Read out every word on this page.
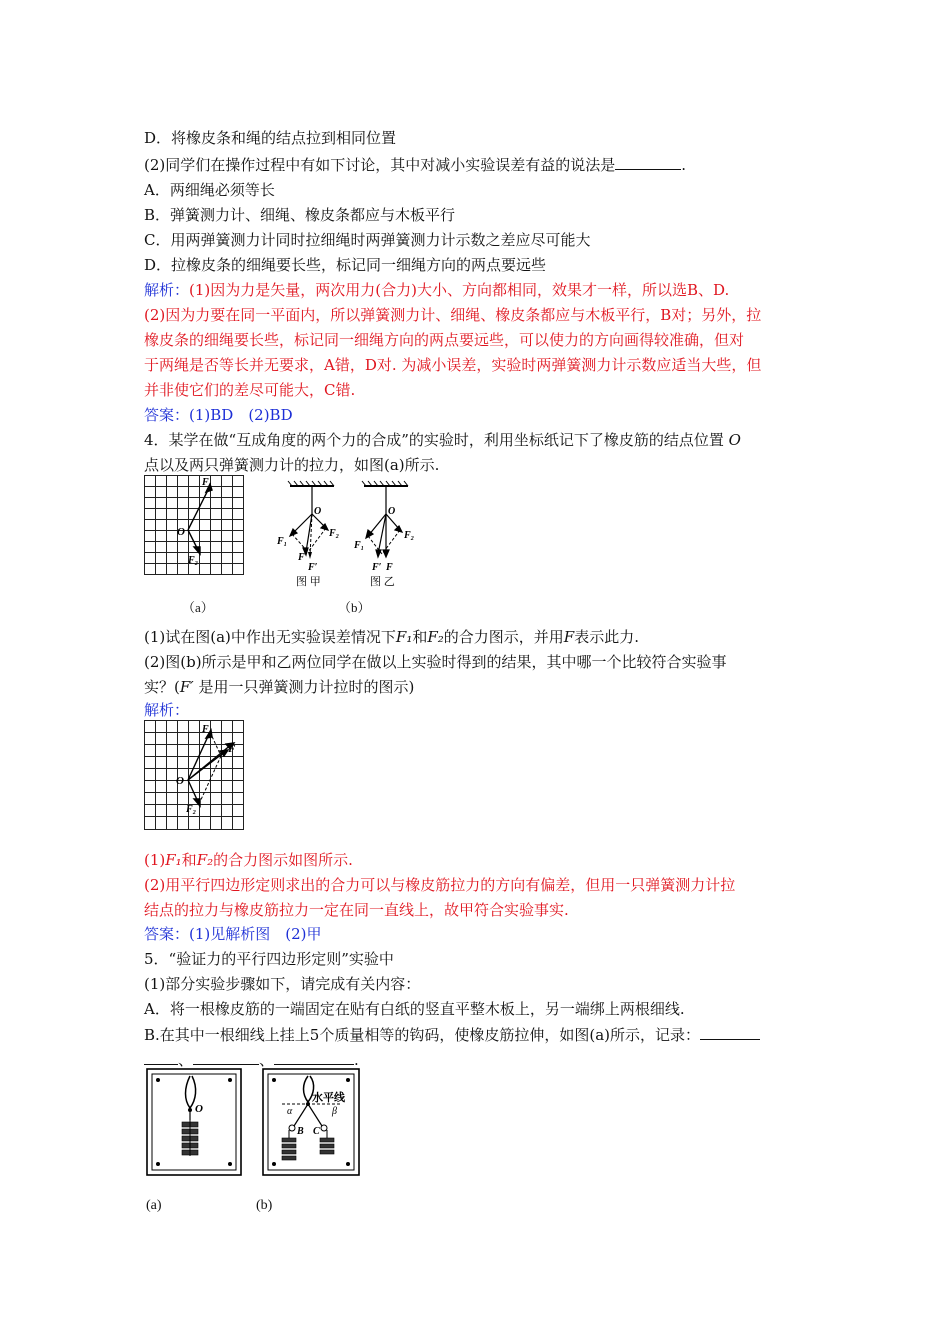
D．将橡皮条和绳的结点拉到相同位置
(2)同学们在操作过程中有如下讨论，其中对减小实验误差有益的说法是	.
A．两细绳必须等长
B．弹簧测力计、细绳、橡皮条都应与木板平行
C．用两弹簧测力计同时拉细绳时两弹簧测力计示数之差应尽可能大
D．拉橡皮条的细绳要长些，标记同一细绳方向的两点要远些
解析：(1)因为力是矢量，两次用力(合力)大小、方向都相同，效果才一样，所以选B、D.
(2)因为力要在同一平面内，所以弹簧测力计、细绳、橡皮条都应与木板平行，B对；另外，拉
橡皮条的细绳要长些，标记同一细绳方向的两点要远些，可以使力的方向画得较准确，但对
于两绳是否等长并无要求，A错，D对. 为减小误差，实验时两弹簧测力计示数应适当大些，但
并非使它们的差尽可能大，C错.
答案：(1)BD　(2)BD
4．某学在做“互成角度的两个力的合成”的实验时，利用坐标纸记下了橡皮筋的结点位置 O
点以及两只弹簧测力计的拉力，如图(a)所示.
F₁
O
F₂
（a）
O
F₁
F₂
F
F′
图 甲
O
F₁
F₂
F′ F
图 乙
（b）
(1)试在图(a)中作出无实验误差情况下F₁和F₂的合力图示，并用F表示此力.
(2)图(b)所示是甲和乙两位同学在做以上实验时得到的结果，其中哪一个比较符合实验事
实？(F′ 是用一只弹簧测力计拉时的图示)
解析：
F₁
F
O
F₂
(1)F₁和F₂的合力图示如图所示.
(2)用平行四边形定则求出的合力可以与橡皮筋拉力的方向有偏差，但用一只弹簧测力计拉
结点的拉力与橡皮筋拉力一定在同一直线上，故甲符合实验事实.
答案：(1)见解析图　(2)甲
5．“验证力的平行四边形定则”实验中
(1)部分实验步骤如下，请完成有关内容：
A．将一根橡皮筋的一端固定在贴有白纸的竖直平整木板上，另一端绑上两根细线.
B.在其中一根细线上挂上5个质量相等的钩码，使橡皮筋拉伸，如图(a)所示，记录：
、	、	.
O
水平线
α	β
B C
(a)	(b)
